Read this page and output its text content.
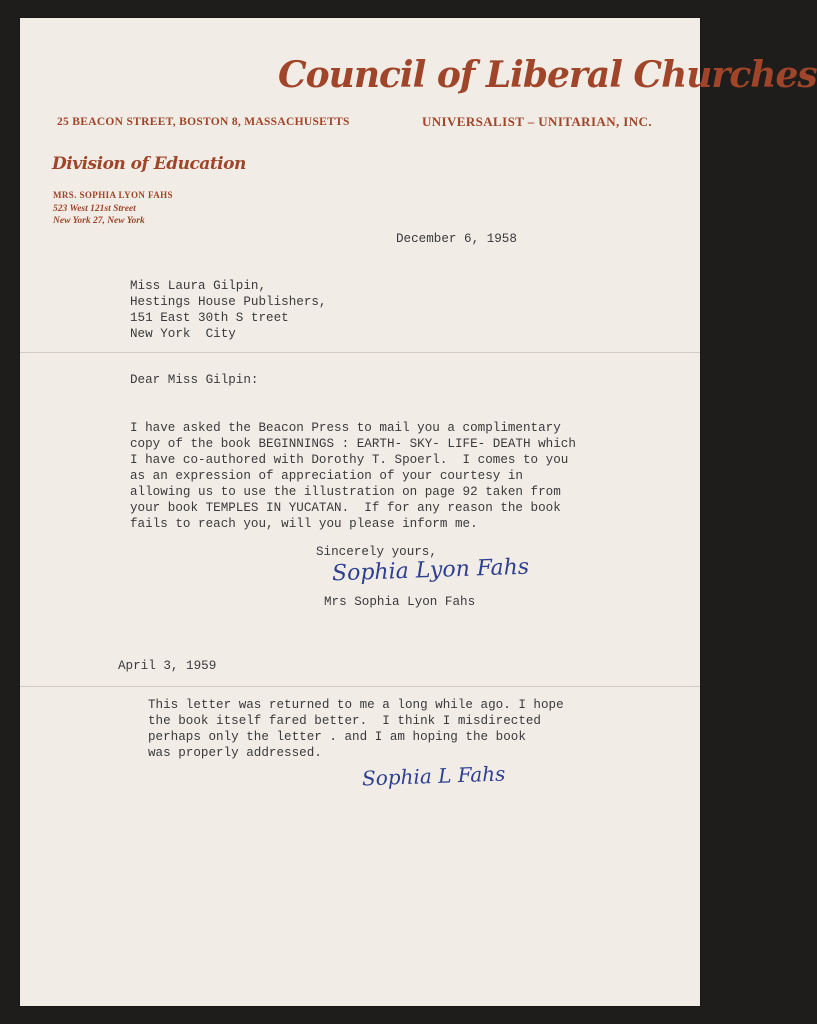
Council of Liberal Churches
25 BEACON STREET, BOSTON 8, MASSACHUSETTS	UNIVERSALIST – UNITARIAN, INC.
Division of Education
MRS. SOPHIA LYON FAHS
523 West 121st Street
New York 27, New York
December 6, 1958
Miss Laura Gilpin,
Hestings House Publishers,
151 East 30th S treet
New York  City
Dear Miss Gilpin:
I have asked the Beacon Press to mail you a complimentary
copy of the book BEGINNINGS : EARTH- SKY- LIFE- DEATH which
I have co-authored with Dorothy T. Spoerl.  I comes to you
as an expression of appreciation of your courtesy in
allowing us to use the illustration on page 92 taken from
your book TEMPLES IN YUCATAN.  If for any reason the book
fails to reach you, will you please inform me.
Sincerely yours,
Sophia Lyon Fahs
Mrs Sophia Lyon Fahs
April 3, 1959
This letter was returned to me a long while ago. I hope
the book itself fared better.  I think I misdirected
perhaps only the letter . and I am hoping the book
was properly addressed.
Sophia L Fahs
